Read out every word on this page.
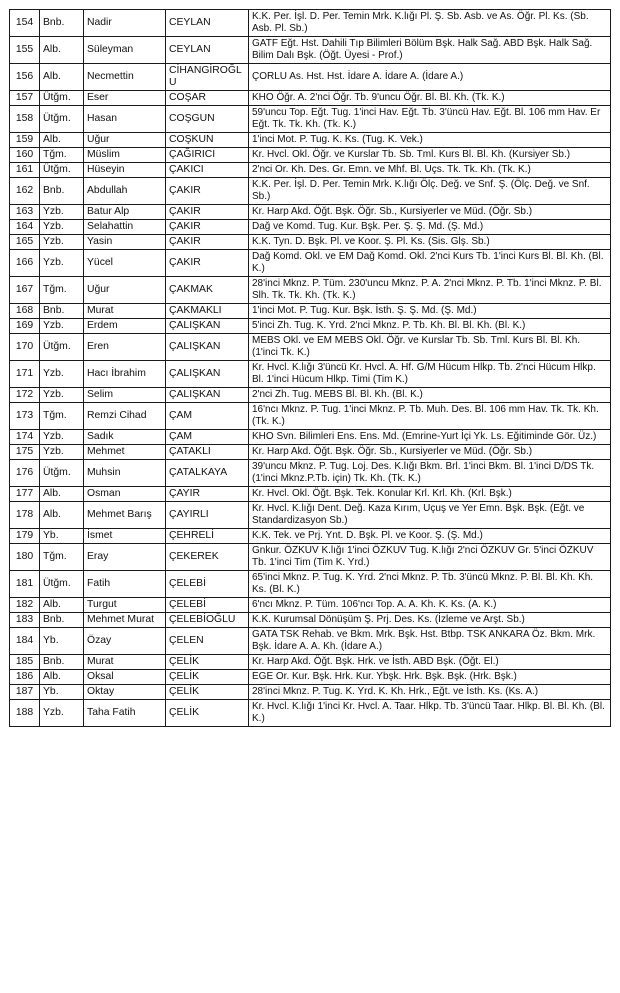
154	Bnb.	Nadir	CEYLAN	K.K. Per. İşl. D. Per. Temin Mrk. K.lığı Pl. Ş. Sb. Asb. ve As. Öğr. Pl. Ks. (Sb. Asb. Pl. Sb.)
155	Alb.	Süleyman	CEYLAN	GATF Eğt. Hst. Dahili Tıp Bilimleri Bölüm Bşk. Halk Sağ. ABD Bşk. Halk Sağ. Bilim Dalı Bşk. (Öğt. Üyesi - Prof.)
156	Alb.	Necmettin	CİHANGİROĞLU	ÇORLU As. Hst. Hst. İdare A. İdare A. (İdare A.)
157	Ütğm.	Eser	COŞAR	KHO Öğr. A. 2'nci Öğr. Tb. 9'uncu Öğr. Bl. Bl. Kh. (Tk. K.)
158	Ütğm.	Hasan	COŞGUN	59'uncu Top. Eğt. Tug. 1'inci Hav. Eğt. Tb. 3'üncü Hav. Eğt. Bl. 106 mm Hav. Er Eğt. Tk. Tk. Kh. (Tk. K.)
159	Alb.	Uğur	COŞKUN	1'inci Mot. P. Tug. K. Ks. (Tug. K. Vek.)
160	Tğm.	Müslim	ÇAĞIRICI	Kr. Hvcl. Okl. Öğr. ve Kurslar Tb. Sb. Tml. Kurs Bl. Bl. Kh. (Kursiyer Sb.)
161	Ütğm.	Hüseyin	ÇAKICI	2'nci Or. Kh. Des. Gr. Emn. ve Mhf. Bl. Uçs. Tk. Tk. Kh. (Tk. K.)
162	Bnb.	Abdullah	ÇAKIR	K.K. Per. İşl. D. Per. Temin Mrk. K.lığı Ölç. Değ. ve Snf. Ş. (Ölç. Değ. ve Snf. Sb.)
163	Yzb.	Batur Alp	ÇAKIR	Kr. Harp Akd. Öğt. Bşk. Öğr. Sb., Kursiyerler ve Müd. (Öğr. Sb.)
164	Yzb.	Selahattin	ÇAKIR	Dağ ve Komd. Tug. Kur. Bşk. Per. Ş. Ş. Md. (Ş. Md.)
165	Yzb.	Yasin	ÇAKIR	K.K. Tyn. D. Bşk. Pl. ve Koor. Ş. Pl. Ks. (Sis. Glş. Sb.)
166	Yzb.	Yücel	ÇAKIR	Dağ Komd. Okl. ve EM Dağ Komd. Okl. 2'nci Kurs Tb. 1'inci Kurs Bl. Bl. Kh. (Bl. K.)
167	Tğm.	Uğur	ÇAKMAK	28'inci Mknz. P. Tüm. 230'uncu Mknz. P. A. 2'nci Mknz. P. Tb. 1'inci Mknz. P. Bl. Slh. Tk. Tk. Kh. (Tk. K.)
168	Bnb.	Murat	ÇAKMAKLI	1'inci Mot. P. Tug. Kur. Bşk. İsth. Ş. Ş. Md. (Ş. Md.)
169	Yzb.	Erdem	ÇALIŞKAN	5'inci Zh. Tug. K. Yrd. 2'nci Mknz. P. Tb. Kh. Bl. Bl. Kh. (Bl. K.)
170	Ütğm.	Eren	ÇALIŞKAN	MEBS Okl. ve EM MEBS Okl. Öğr. ve Kurslar Tb. Sb. Tml. Kurs Bl. Bl. Kh. (1'inci Tk. K.)
171	Yzb.	Hacı İbrahim	ÇALIŞKAN	Kr. Hvcl. K.lığı 3'üncü Kr. Hvcl. A. Hf. G/M Hücum Hlkp. Tb. 2'nci Hücum Hlkp. Bl. 1'inci Hücum Hlkp. Timi (Tim K.)
172	Yzb.	Selim	ÇALIŞKAN	2'nci Zh. Tug. MEBS Bl. Bl. Kh. (Bl. K.)
173	Tğm.	Remzi Cihad	ÇAM	16'ncı Mknz. P. Tug. 1'inci Mknz. P. Tb. Muh. Des. Bl. 106 mm Hav. Tk. Tk. Kh. (Tk. K.)
174	Yzb.	Sadık	ÇAM	KHO Svn. Bilimleri Ens. Ens. Md. (Emrine-Yurt İçi Yk. Ls. Eğitiminde Gör. Üz.)
175	Yzb.	Mehmet	ÇATAKLI	Kr. Harp Akd. Öğt. Bşk. Öğr. Sb., Kursiyerler ve Müd. (Öğr. Sb.)
176	Ütğm.	Muhsin	ÇATALKAYA	39'uncu Mknz. P. Tug. Loj. Des. K.lığı Bkm. Brl. 1'inci Bkm. Bl. 1'inci D/DS Tk. (1'inci Mknz.P.Tb. için) Tk. Kh. (Tk. K.)
177	Alb.	Osman	ÇAYIR	Kr. Hvcl. Okl. Öğt. Bşk. Tek. Konular Krl. Krl. Kh. (Krl. Bşk.)
178	Alb.	Mehmet Barış	ÇAYIRLI	Kr. Hvcl. K.lığı Dent. Değ. Kaza Kırım, Uçuş ve Yer Emn. Bşk. Bşk. (Eğt. ve Standardizasyon Sb.)
179	Yb.	İsmet	ÇEHRELİ	K.K. Tek. ve Prj. Ynt. D. Bşk. Pl. ve Koor. Ş. (Ş. Md.)
180	Tğm.	Eray	ÇEKEREK	Gnkur. ÖZKUV K.lığı 1'inci ÖZKUV Tug. K.lığı 2'nci ÖZKUV Gr. 5'inci ÖZKUV Tb. 1'inci Tim (Tim K. Yrd.)
181	Ütğm.	Fatih	ÇELEBİ	65'inci Mknz. P. Tug. K. Yrd. 2'nci Mknz. P. Tb. 3'üncü Mknz. P. Bl. Bl. Kh. Kh. Ks. (Bl. K.)
182	Alb.	Turgut	ÇELEBİ	6'ncı Mknz. P. Tüm. 106'ncı Top. A. A. Kh. K. Ks. (A. K.)
183	Bnb.	Mehmet Murat	ÇELEBİOĞLU	K.K. Kurumsal Dönüşüm Ş. Prj. Des. Ks. (İzleme ve Arşt. Sb.)
184	Yb.	Özay	ÇELEN	GATA TSK Rehab. ve Bkm. Mrk. Bşk. Hst. Btbp. TSK ANKARA Öz. Bkm. Mrk. Bşk. İdare A. A. Kh. (İdare A.)
185	Bnb.	Murat	ÇELİK	Kr. Harp Akd. Öğt. Bşk. Hrk. ve İsth. ABD Bşk. (Öğt. El.)
186	Alb.	Oksal	ÇELİK	EGE Or. Kur. Bşk. Hrk. Kur. Ybşk. Hrk. Bşk. Bşk. (Hrk. Bşk.)
187	Yb.	Oktay	ÇELİK	28'inci Mknz. P. Tug. K. Yrd. K. Kh. Hrk., Eğt. ve İsth. Ks. (Ks. A.)
188	Yzb.	Taha Fatih	ÇELİK	Kr. Hvcl. K.lığı 1'inci Kr. Hvcl. A. Taar. Hlkp. Tb. 3'üncü Taar. Hlkp. Bl. Bl. Kh. (Bl. K.)
